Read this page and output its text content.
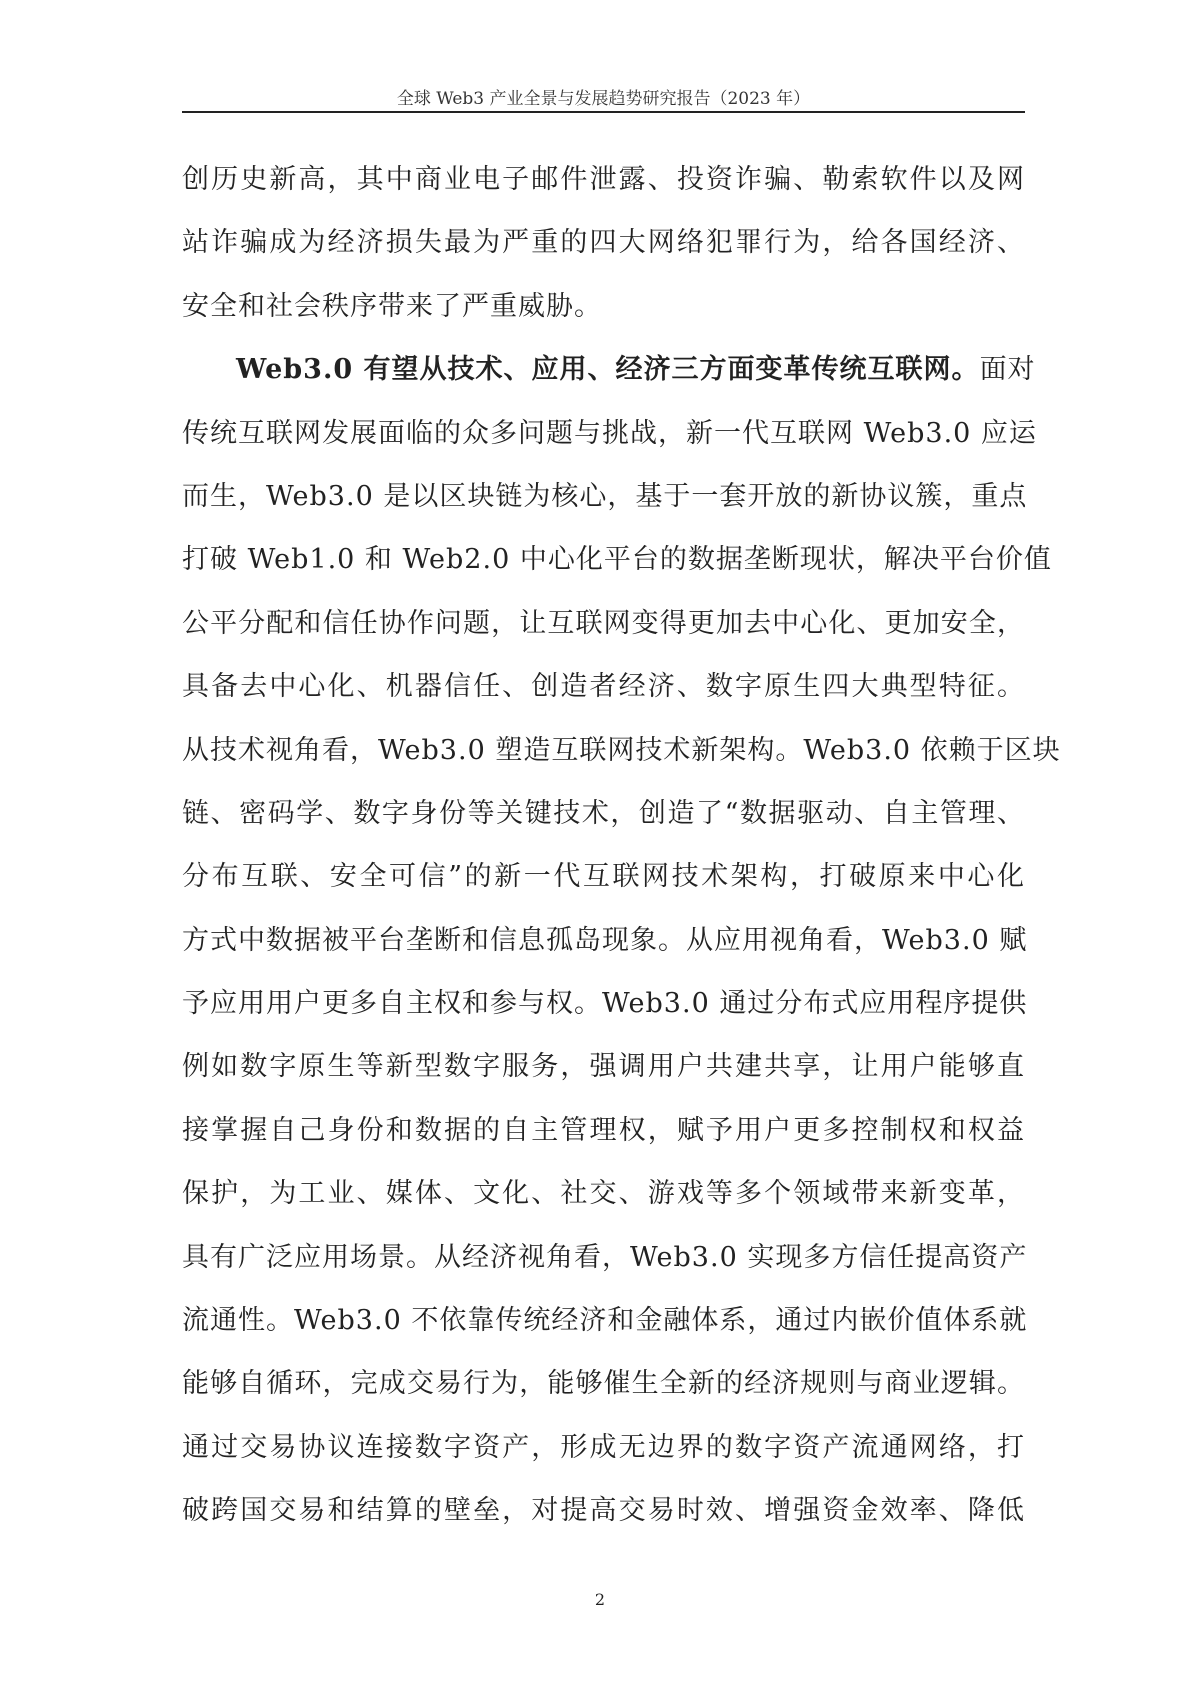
全球 Web3 产业全景与发展趋势研究报告（2023 年）
创历史新高，其中商业电子邮件泄露、投资诈骗、勒索软件以及网
站诈骗成为经济损失最为严重的四大网络犯罪行为，给各国经济、
安全和社会秩序带来了严重威胁。
Web3.0 有望从技术、应用、经济三方面变革传统互联网。面对
传统互联网发展面临的众多问题与挑战，新一代互联网 Web3.0 应运
而生，Web3.0 是以区块链为核心，基于一套开放的新协议簇，重点
打破 Web1.0 和 Web2.0 中心化平台的数据垄断现状，解决平台价值
公平分配和信任协作问题，让互联网变得更加去中心化、更加安全，
具备去中心化、机器信任、创造者经济、数字原生四大典型特征。
从技术视角看，Web3.0 塑造互联网技术新架构。Web3.0 依赖于区块
链、密码学、数字身份等关键技术，创造了“数据驱动、自主管理、
分布互联、安全可信”的新一代互联网技术架构，打破原来中心化
方式中数据被平台垄断和信息孤岛现象。从应用视角看，Web3.0 赋
予应用用户更多自主权和参与权。Web3.0 通过分布式应用程序提供
例如数字原生等新型数字服务，强调用户共建共享，让用户能够直
接掌握自己身份和数据的自主管理权，赋予用户更多控制权和权益
保护，为工业、媒体、文化、社交、游戏等多个领域带来新变革，
具有广泛应用场景。从经济视角看，Web3.0 实现多方信任提高资产
流通性。Web3.0 不依靠传统经济和金融体系，通过内嵌价值体系就
能够自循环，完成交易行为，能够催生全新的经济规则与商业逻辑。
通过交易协议连接数字资产，形成无边界的数字资产流通网络，打
破跨国交易和结算的壁垒，对提高交易时效、增强资金效率、降低
2
